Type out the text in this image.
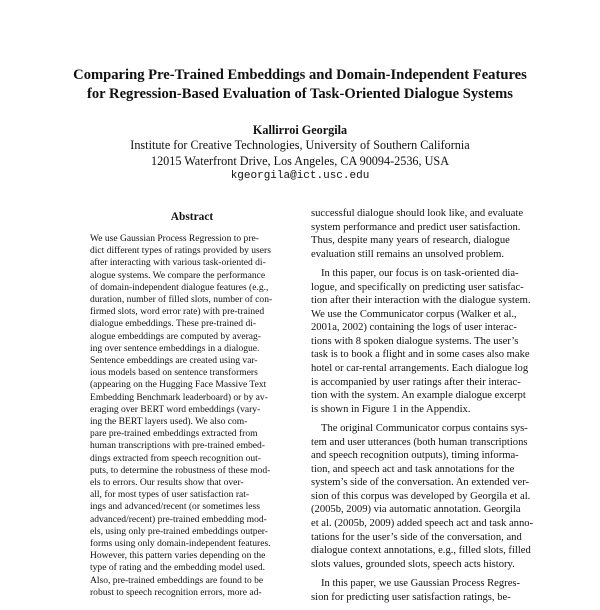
Comparing Pre-Trained Embeddings and Domain-Independent Features
for Regression-Based Evaluation of Task-Oriented Dialogue Systems
Kallirroi Georgila
Institute for Creative Technologies, University of Southern California
12015 Waterfront Drive, Los Angeles, CA 90094-2536, USA
kgeorgila@ict.usc.edu
Abstract
We use Gaussian Process Regression to pre-
dict different types of ratings provided by users
after interacting with various task-oriented di-
alogue systems. We compare the performance
of domain-independent dialogue features (e.g.,
duration, number of filled slots, number of con-
firmed slots, word error rate) with pre-trained
dialogue embeddings. These pre-trained di-
alogue embeddings are computed by averag-
ing over sentence embeddings in a dialogue.
Sentence embeddings are created using var-
ious models based on sentence transformers
(appearing on the Hugging Face Massive Text
Embedding Benchmark leaderboard) or by av-
eraging over BERT word embeddings (vary-
ing the BERT layers used). We also com-
pare pre-trained embeddings extracted from
human transcriptions with pre-trained embed-
dings extracted from speech recognition out-
puts, to determine the robustness of these mod-
els to errors. Our results show that over-
all, for most types of user satisfaction rat-
ings and advanced/recent (or sometimes less
advanced/recent) pre-trained embedding mod-
els, using only pre-trained embeddings outper-
forms using only domain-independent features.
However, this pattern varies depending on the
type of rating and the embedding model used.
Also, pre-trained embeddings are found to be
robust to speech recognition errors, more ad-
successful dialogue should look like, and evaluate
system performance and predict user satisfaction.
Thus, despite many years of research, dialogue
evaluation still remains an unsolved problem.
In this paper, our focus is on task-oriented dia-
logue, and specifically on predicting user satisfac-
tion after their interaction with the dialogue system.
We use the Communicator corpus (Walker et al.,
2001a, 2002) containing the logs of user interac-
tions with 8 spoken dialogue systems. The user’s
task is to book a flight and in some cases also make
hotel or car-rental arrangements. Each dialogue log
is accompanied by user ratings after their interac-
tion with the system. An example dialogue excerpt
is shown in Figure 1 in the Appendix.
The original Communicator corpus contains sys-
tem and user utterances (both human transcriptions
and speech recognition outputs), timing informa-
tion, and speech act and task annotations for the
system’s side of the conversation. An extended ver-
sion of this corpus was developed by Georgila et al.
(2005b, 2009) via automatic annotation. Georgila
et al. (2005b, 2009) added speech act and task anno-
tations for the user’s side of the conversation, and
dialogue context annotations, e.g., filled slots, filled
slots values, grounded slots, speech acts history.
In this paper, we use Gaussian Process Regres-
sion for predicting user satisfaction ratings, be-
